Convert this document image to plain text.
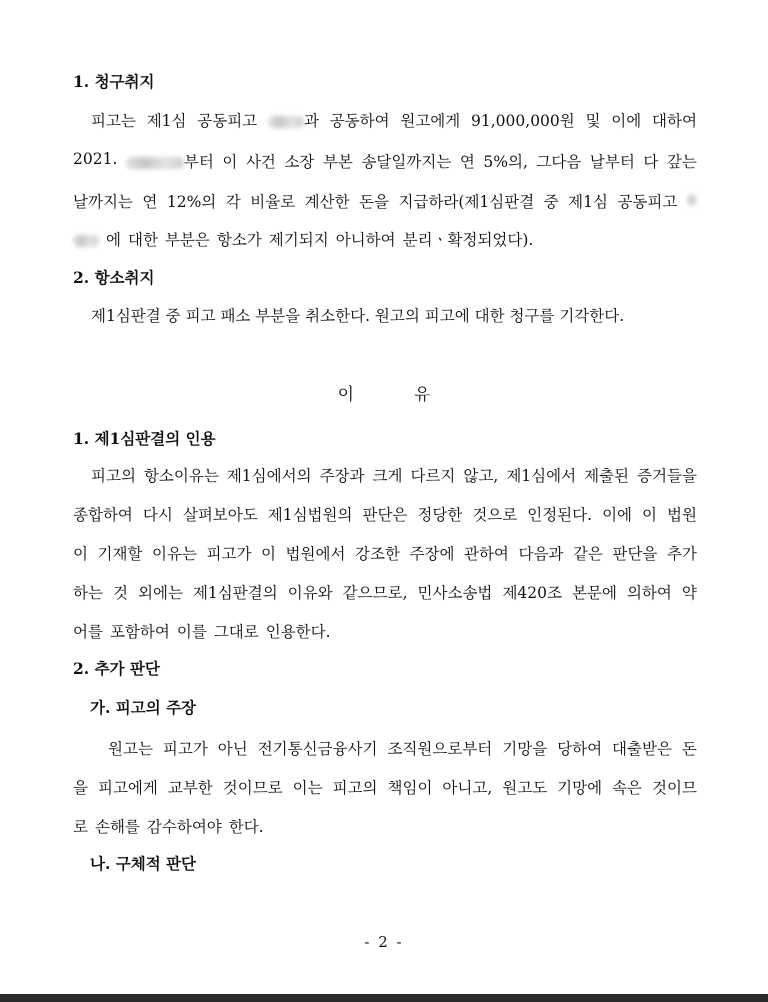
1. 청구취지
피고는 제1심 공동피고	과 공동하여 원고에게 91,000,000원 및 이에 대하여
2021.	부터 이 사건 소장 부본 송달일까지는 연 5%의, 그다음 날부터 다 갚는
날까지는 연 12%의 각 비율로 계산한 돈을 지급하라(제1심판결 중 제1심 공동피고
에 대한 부분은 항소가 제기되지 아니하여 분리ㆍ확정되었다).
2. 항소취지
제1심판결 중 피고 패소 부분을 취소한다. 원고의 피고에 대한 청구를 기각한다.
이유
1. 제1심판결의 인용
피고의 항소이유는 제1심에서의 주장과 크게 다르지 않고, 제1심에서 제출된 증거들을
종합하여 다시 살펴보아도 제1심법원의 판단은 정당한 것으로 인정된다. 이에 이 법원
이 기재할 이유는 피고가 이 법원에서 강조한 주장에 관하여 다음과 같은 판단을 추가
하는 것 외에는 제1심판결의 이유와 같으므로, 민사소송법 제420조 본문에 의하여 약
어를 포함하여 이를 그대로 인용한다.
2. 추가 판단
가. 피고의 주장
원고는 피고가 아닌 전기통신금융사기 조직원으로부터 기망을 당하여 대출받은 돈
을 피고에게 교부한 것이므로 이는 피고의 책임이 아니고, 원고도 기망에 속은 것이므
로 손해를 감수하여야 한다.
나. 구체적 판단
- 2 -
